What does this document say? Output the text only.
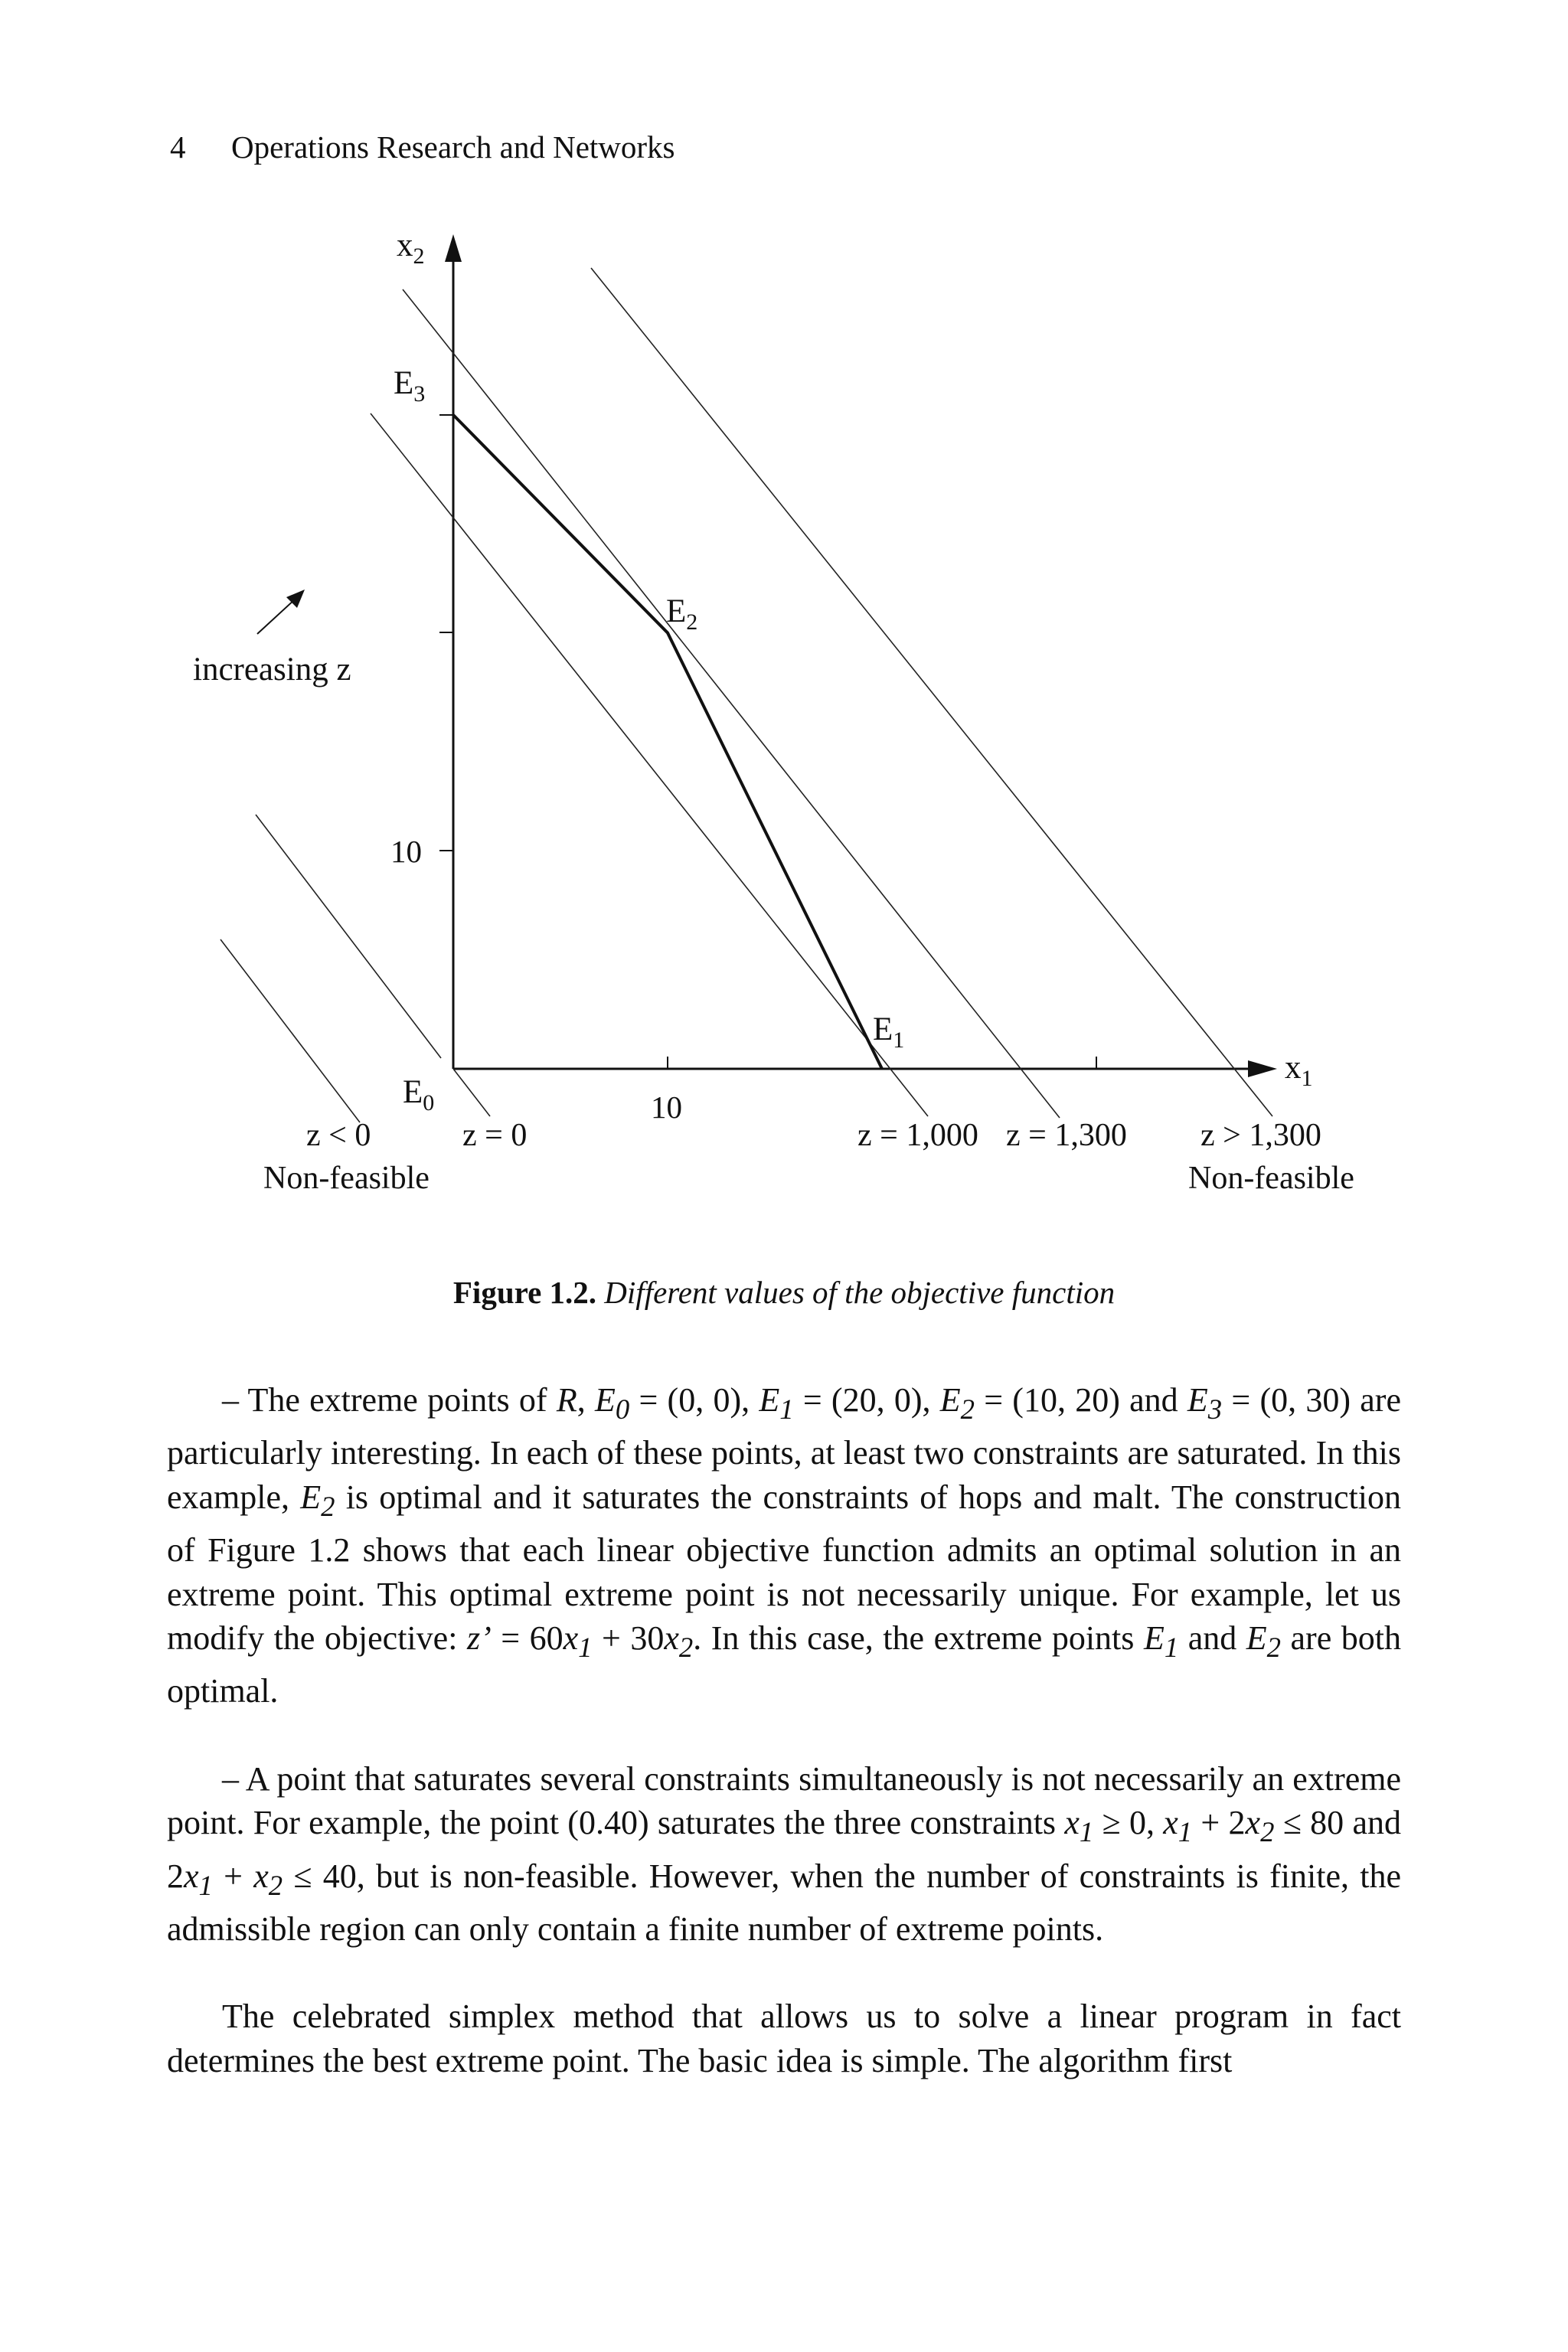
4 Operations Research and Networks
increasing z
$x_2$
$x_1$
10
10
$E_0$
$E_1$
$E_2$
$E_3$
z < 0	z = 0	z = 1,000 z = 1,300 z > 1,300
Non-feasible	Non-feasible
Figure 1.2. Different values of the objective function

– The extreme points of R, $E_0 = (0$, 0), $E_1 = (20$, 0), $E_2 = (10$, 20) and $E_3 = (0$, 30) are particularly interesting. In each of these points, at least two constraints are saturated. In this example, $E_2$ is optimal and it saturates the constraints of hops and malt. The construction of Figure 1.2 shows that each linear objective function admits an optimal solution in an extreme point. This optimal extreme point is not necessarily unique. For example, let us modify the objective: z’ = $60x_1 + 30x_2$. In this case, the extreme points $E_1$ and $E_2$ are both optimal.

– A point that saturates several constraints simultaneously is not necessarily an extreme point. For example, the point (0.40) saturates the three constraints $x_1 \ge 0$, $x_1 + 2x_2 \le 80$ and $2x_1 + x_2 \le 40$, but is non-feasible. However, when the number of constraints is finite, the admissible region can only contain a finite number of extreme points.

The celebrated simplex method that allows us to solve a linear program in fact determines the best extreme point. The basic idea is simple. The algorithm first
